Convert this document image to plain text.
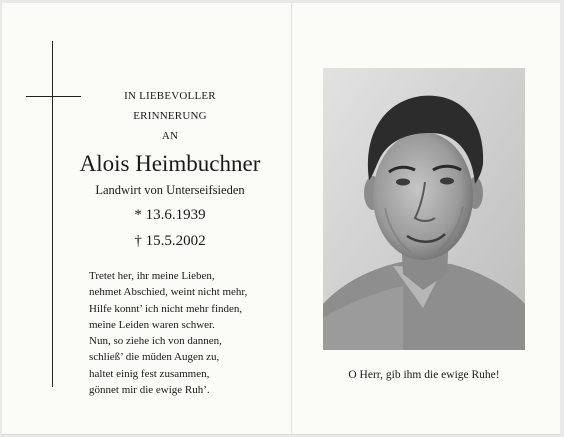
IN LIEBEVOLLER
ERINNERUNG
AN
Alois Heimbuchner
Landwirt von Unterseifsieden
* 13.6.1939
† 15.5.2002
Tretet her, ihr meine Lieben,
nehmet Abschied, weint nicht mehr,
Hilfe konnt’ ich nicht mehr finden,
meine Leiden waren schwer.
Nun, so ziehe ich von dannen,
schließ’ die müden Augen zu,
haltet einig fest zusammen,
gönnet mir die ewige Ruh’.
O Herr, gib ihm die ewige Ruhe!
